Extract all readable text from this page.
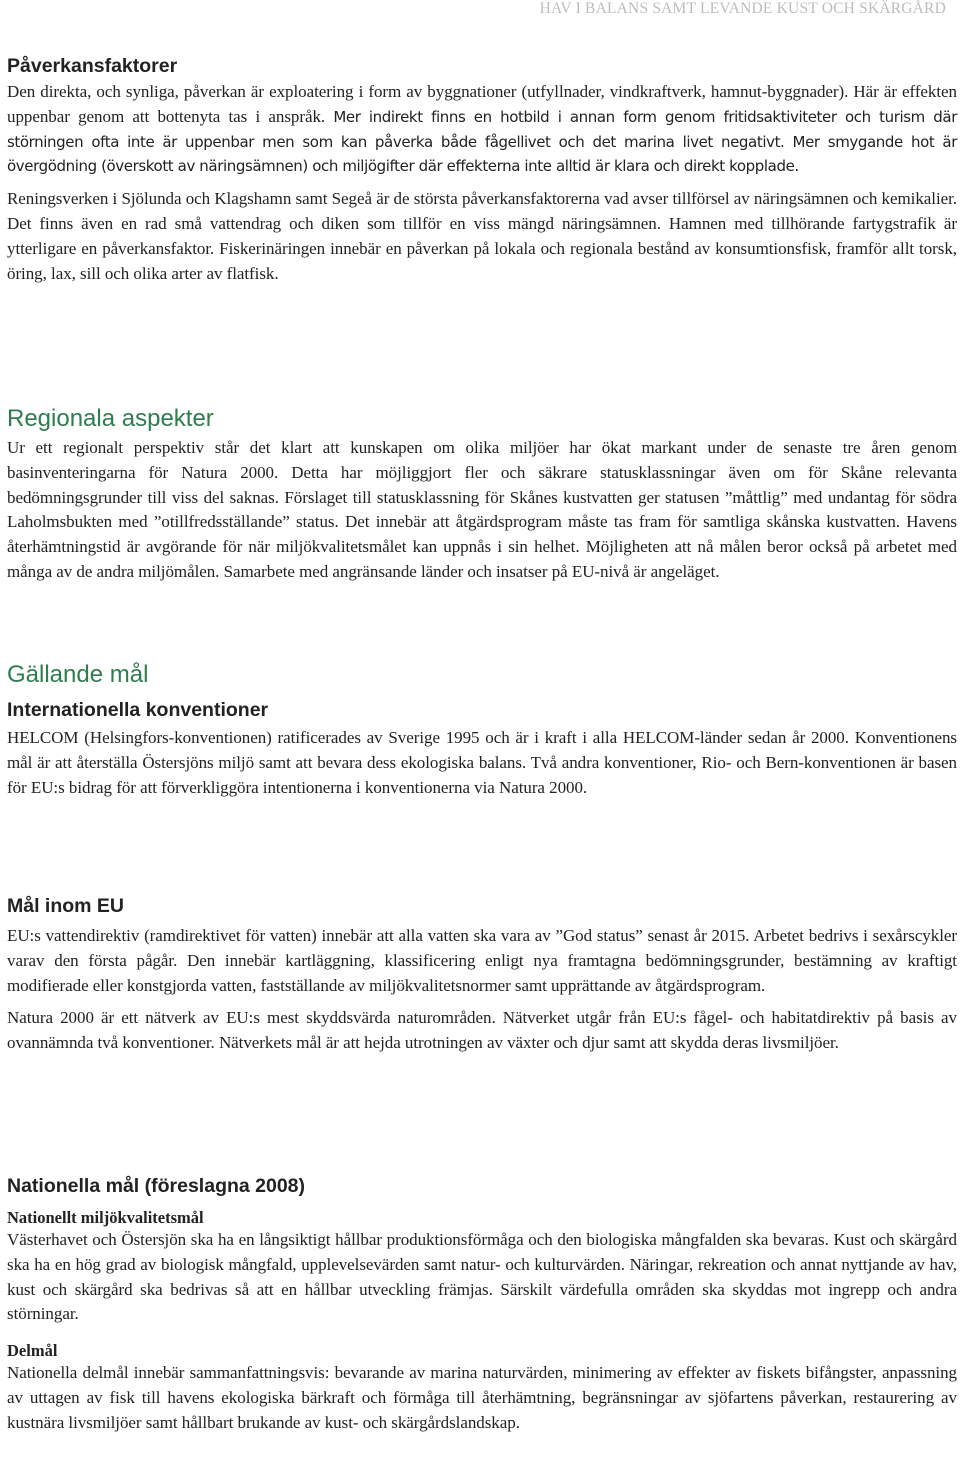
HAV I BALANS SAMT LEVANDE KUST OCH SKÄRGÅRD
Påverkansfaktorer

Den direkta, och synliga, påverkan är exploatering i form av byggnationer (utfyllnader, vindkraftverk, hamnut-byggnader). Här är effekten uppenbar genom att bottenyta tas i anspråk. Mer indirekt finns en hotbild i annan form genom fritidsaktiviteter och turism där störningen ofta inte är uppenbar men som kan påverka både fågellivet och det marina livet negativt. Mer smygande hot är övergödning (överskott av näringsämnen) och miljögifter där effekterna inte alltid är klara och direkt kopplade.

Reningsverken i Sjölunda och Klagshamn samt Segeå är de största påverkansfaktorerna vad avser tillförsel av näringsämnen och kemikalier. Det finns även en rad små vattendrag och diken som tillför en viss mängd näringsämnen. Hamnen med tillhörande fartygstrafik är ytterligare en påverkansfaktor. Fiskerinäringen innebär en påverkan på lokala och regionala bestånd av konsumtionsfisk, framför allt torsk, öring, lax, sill och olika arter av flatfisk.

Regionala aspekter

Ur ett regionalt perspektiv står det klart att kunskapen om olika miljöer har ökat markant under de senaste tre åren genom basinventeringarna för Natura 2000. Detta har möjliggjort fler och säkrare statusklassningar även om för Skåne relevanta bedömningsgrunder till viss del saknas. Förslaget till statusklassning för Skånes kustvatten ger statusen ”måttlig” med undantag för södra Laholmsbukten med ”otillfredsställande” status. Det innebär att åtgärdsprogram måste tas fram för samtliga skånska kustvatten. Havens återhämtningstid är avgörande för när miljökvalitetsmålet kan uppnås i sin helhet. Möjligheten att nå målen beror också på arbetet med många av de andra miljömålen. Samarbete med angränsande länder och insatser på EU-nivå är angeläget.

Gällande mål
Internationella konventioner

HELCOM (Helsingfors-konventionen) ratificerades av Sverige 1995 och är i kraft i alla HELCOM-länder sedan år 2000. Konventionens mål är att återställa Östersjöns miljö samt att bevara dess ekologiska balans. Två andra konventioner, Rio- och Bern-konventionen är basen för EU:s bidrag för att förverkliggöra intentionerna i konventionerna via Natura 2000.

Mål inom EU

EU:s vattendirektiv (ramdirektivet för vatten) innebär att alla vatten ska vara av ”God status” senast år 2015. Arbetet bedrivs i sexårscykler varav den första pågår. Den innebär kartläggning, klassificering enligt nya framtagna bedömningsgrunder, bestämning av kraftigt modifierade eller konstgjorda vatten, fastställande av miljökvalitetsnormer samt upprättande av åtgärdsprogram.

Natura 2000 är ett nätverk av EU:s mest skyddsvärda naturområden. Nätverket utgår från EU:s fågel- och habitatdirektiv på basis av ovannämnda två konventioner. Nätverkets mål är att hejda utrotningen av växter och djur samt att skydda deras livsmiljöer.

Nationella mål (föreslagna 2008)
Nationellt miljökvalitetsmål

Västerhavet och Östersjön ska ha en långsiktigt hållbar produktionsförmåga och den biologiska mångfalden ska bevaras. Kust och skärgård ska ha en hög grad av biologisk mångfald, upplevelsevärden samt natur- och kulturvärden. Näringar, rekreation och annat nyttjande av hav, kust och skärgård ska bedrivas så att en hållbar utveckling främjas. Särskilt värdefulla områden ska skyddas mot ingrepp och andra störningar.

Delmål

Nationella delmål innebär sammanfattningsvis: bevarande av marina naturvärden, minimering av effekter av fiskets bifångster, anpassning av uttagen av fisk till havens ekologiska bärkraft och förmåga till återhämtning, begränsningar av sjöfartens påverkan, restaurering av kustnära livsmiljöer samt hållbart brukande av kust- och skärgårdslandskap.
